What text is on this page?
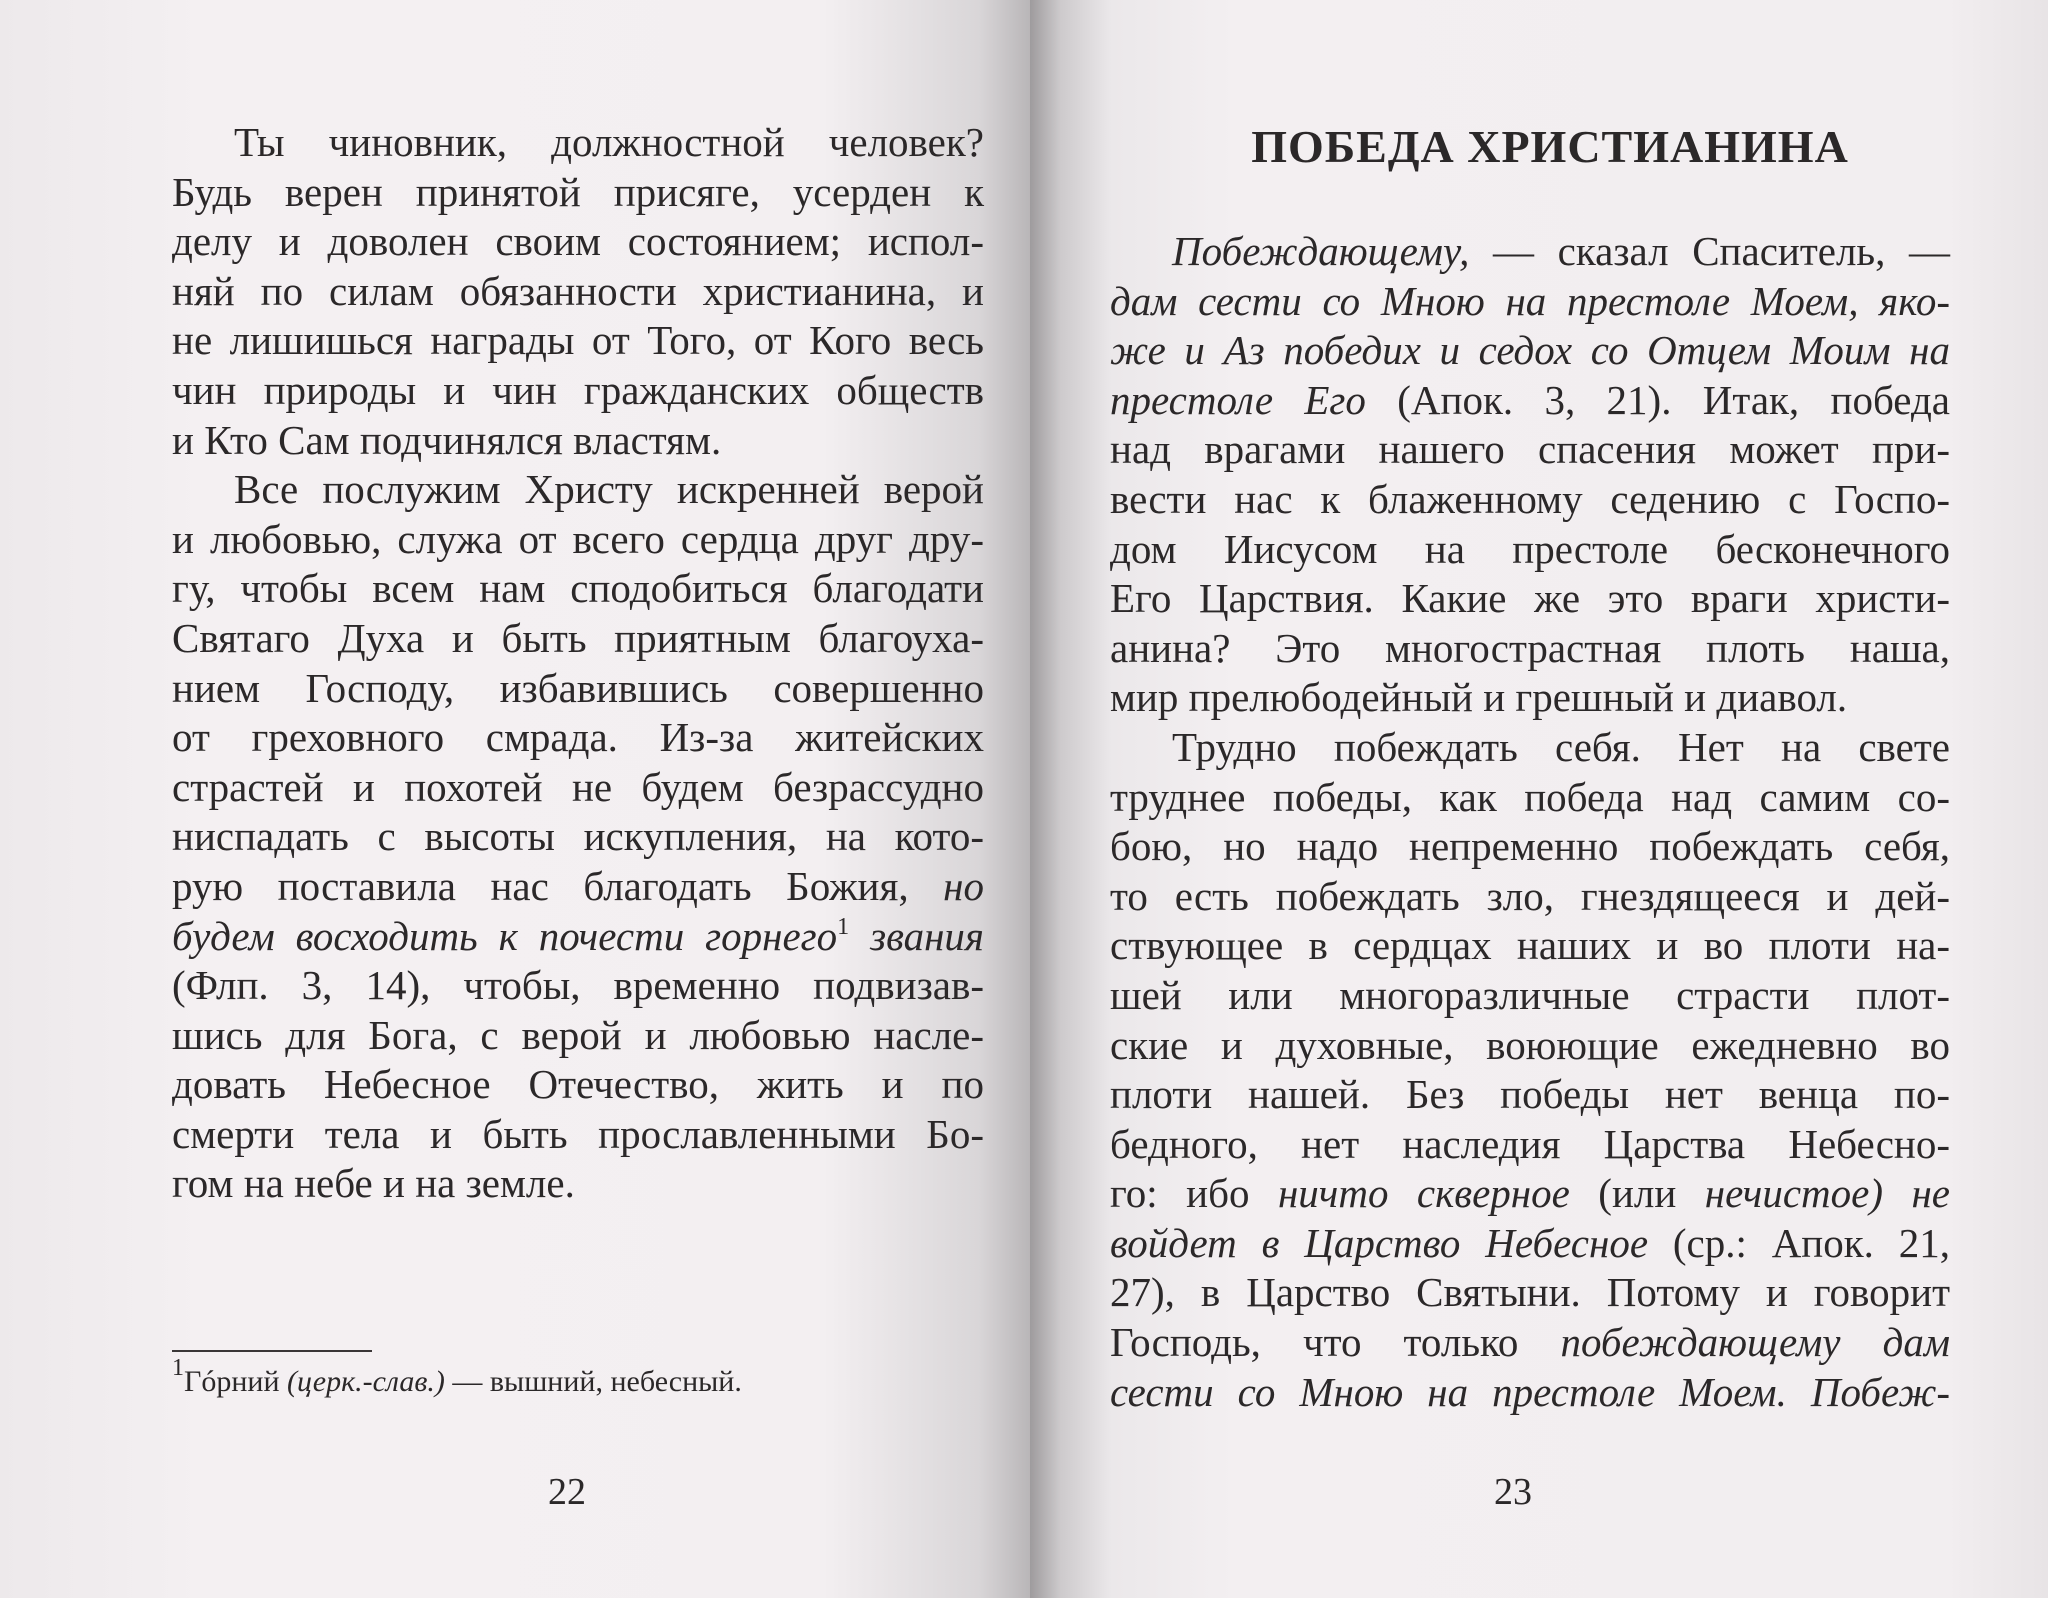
Ты чиновник, должностной человек?
Будь верен принятой присяге, усерден к
делу и доволен своим состоянием; испол-
няй по силам обязанности христианина, и
не лишишься награды от Того, от Кого весь
чин природы и чин гражданских обществ
и Кто Сам подчинялся властям.
Все послужим Христу искренней верой
и любовью, служа от всего сердца друг дру-
гу, чтобы всем нам сподобиться благодати
Святаго Духа и быть приятным благоуха-
нием Господу, избавившись совершенно
от греховного смрада. Из-за житейских
страстей и похотей не будем безрассудно
ниспадать с высоты искупления, на кото-
рую поставила нас благодать Божия, но
будем восходить к почести горнего$^1$ звания
(Флп. 3, 14), чтобы, временно подвизав-
шись для Бога, с верой и любовью насле-
довать Небесное Отечество, жить и по
смерти тела и быть прославленными Бо-
гом на небе и на земле.
$^1$Гóрний (церк.-слав.) — вышний, небесный.
22
ПОБЕДА ХРИСТИАНИНА
Побеждающему, — сказал Спаситель, —
дам сести со Мною на престоле Моем, яко-
же и Аз победих и седох со Отцем Моим на
престоле Его (Апок. 3, 21). Итак, победа
над врагами нашего спасения может при-
вести нас к блаженному седению с Госпо-
дом Иисусом на престоле бесконечного
Его Царствия. Какие же это враги христи-
анина? Это многострастная плоть наша,
мир прелюбодейный и грешный и диавол.
Трудно побеждать себя. Нет на свете
труднее победы, как победа над самим со-
бою, но надо непременно побеждать себя,
то есть побеждать зло, гнездящееся и дей-
ствующее в сердцах наших и во плоти на-
шей или многоразличные страсти плот-
ские и духовные, воюющие ежедневно во
плоти нашей. Без победы нет венца по-
бедного, нет наследия Царства Небесно-
го: ибо ничто скверное (или нечистое) не
войдет в Царство Небесное (ср.: Апок. 21,
27), в Царство Святыни. Потому и говорит
Господь, что только побеждающему дам
сести со Мною на престоле Моем. Побеж-
23
